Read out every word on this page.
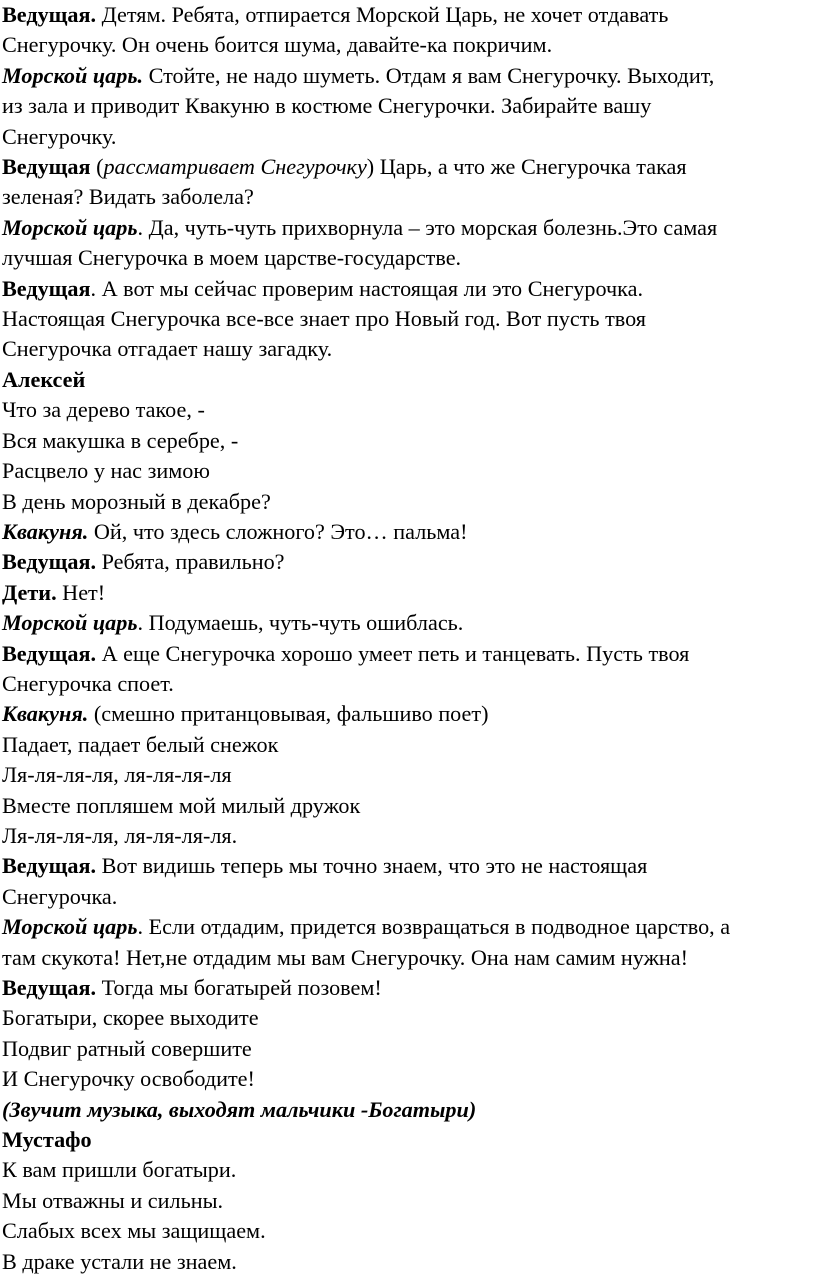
Ведущая. Детям. Ребята, отпирается Морской Царь, не хочет отдавать

Снегурочку. Он очень боится шума, давайте-ка покричим.

Морской царь. Стойте, не надо шуметь. Отдам я вам Снегурочку. Выходит,

из зала и приводит Квакуню в костюме Снегурочки. Забирайте вашу

Снегурочку.

Ведущая (рассматривает Снегурочку) Царь, а что же Снегурочка такая

зеленая? Видать заболела?

Морской царь. Да, чуть-чуть прихворнула – это морская болезнь.Это самая

лучшая Снегурочка в моем царстве-государстве.

Ведущая. А вот мы сейчас проверим настоящая ли это Снегурочка.

Настоящая Снегурочка все-все знает про Новый год. Вот пусть твоя

Снегурочка отгадает нашу загадку.

Алексей

Что за дерево такое, -

Вся макушка в серебре, -

Расцвело у нас зимою

В день морозный в декабре?

Квакуня. Ой, что здесь сложного? Это… пальма!

Ведущая. Ребята, правильно?

Дети. Нет!

Морской царь. Подумаешь, чуть-чуть ошиблась.

Ведущая. А еще Снегурочка хорошо умеет петь и танцевать. Пусть твоя

Снегурочка споет.

Квакуня. (смешно пританцовывая, фальшиво поет)

Падает, падает белый снежок

Ля-ля-ля-ля, ля-ля-ля-ля

Вместе попляшем мой милый дружок

Ля-ля-ля-ля, ля-ля-ля-ля.

Ведущая. Вот видишь теперь мы точно знаем, что это не настоящая

Снегурочка.

Морской царь. Если отдадим, придется возвращаться в подводное царство, а

там скукота! Нет,не отдадим мы вам Снегурочку. Она нам самим нужна!

Ведущая. Тогда мы богатырей позовем!

Богатыри, скорее выходите

Подвиг ратный совершите

И Снегурочку освободите!

(Звучит музыка, выходят мальчики -Богатыри)

Мустафо

К вам пришли богатыри.

Мы отважны и сильны.

Слабых всех мы защищаем.

В драке устали не знаем.
